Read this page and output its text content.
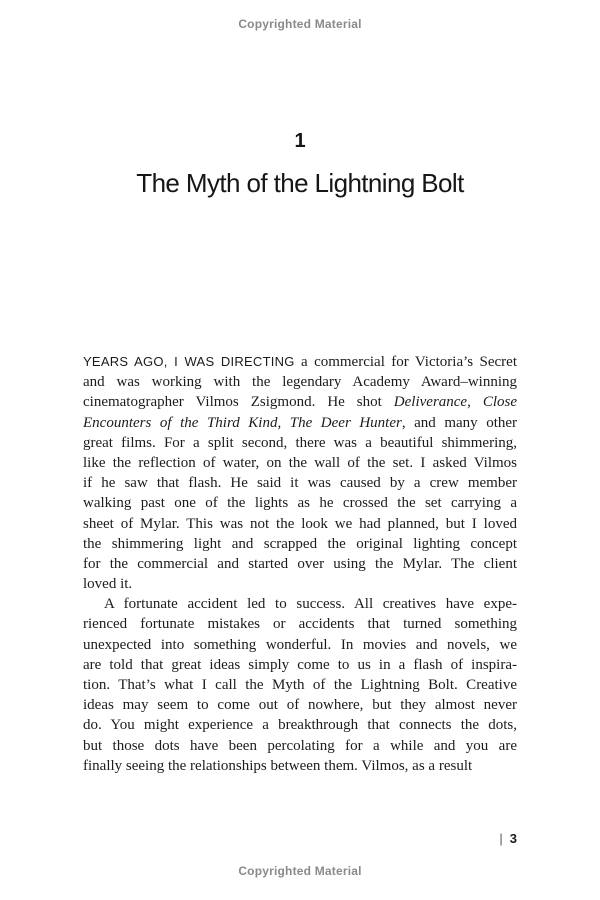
Copyrighted Material
1
The Myth of the Lightning Bolt
YEARS AGO, I WAS DIRECTING a commercial for Victoria’s Secret
and was working with the legendary Academy Award–winning
cinematographer Vilmos Zsigmond. He shot Deliverance, Close
Encounters of the Third Kind, The Deer Hunter, and many other
great films. For a split second, there was a beautiful shimmering,
like the reflection of water, on the wall of the set. I asked Vilmos
if he saw that flash. He said it was caused by a crew member
walking past one of the lights as he crossed the set carrying a
sheet of Mylar. This was not the look we had planned, but I loved
the shimmering light and scrapped the original lighting concept
for the commercial and started over using the Mylar. The client
loved it.
A fortunate accident led to success. All creatives have expe-
rienced fortunate mistakes or accidents that turned something
unexpected into something wonderful. In movies and novels, we
are told that great ideas simply come to us in a flash of inspira-
tion. That’s what I call the Myth of the Lightning Bolt. Creative
ideas may seem to come out of nowhere, but they almost never
do. You might experience a breakthrough that connects the dots,
but those dots have been percolating for a while and you are
finally seeing the relationships between them. Vilmos, as a result
| 3
Copyrighted Material
